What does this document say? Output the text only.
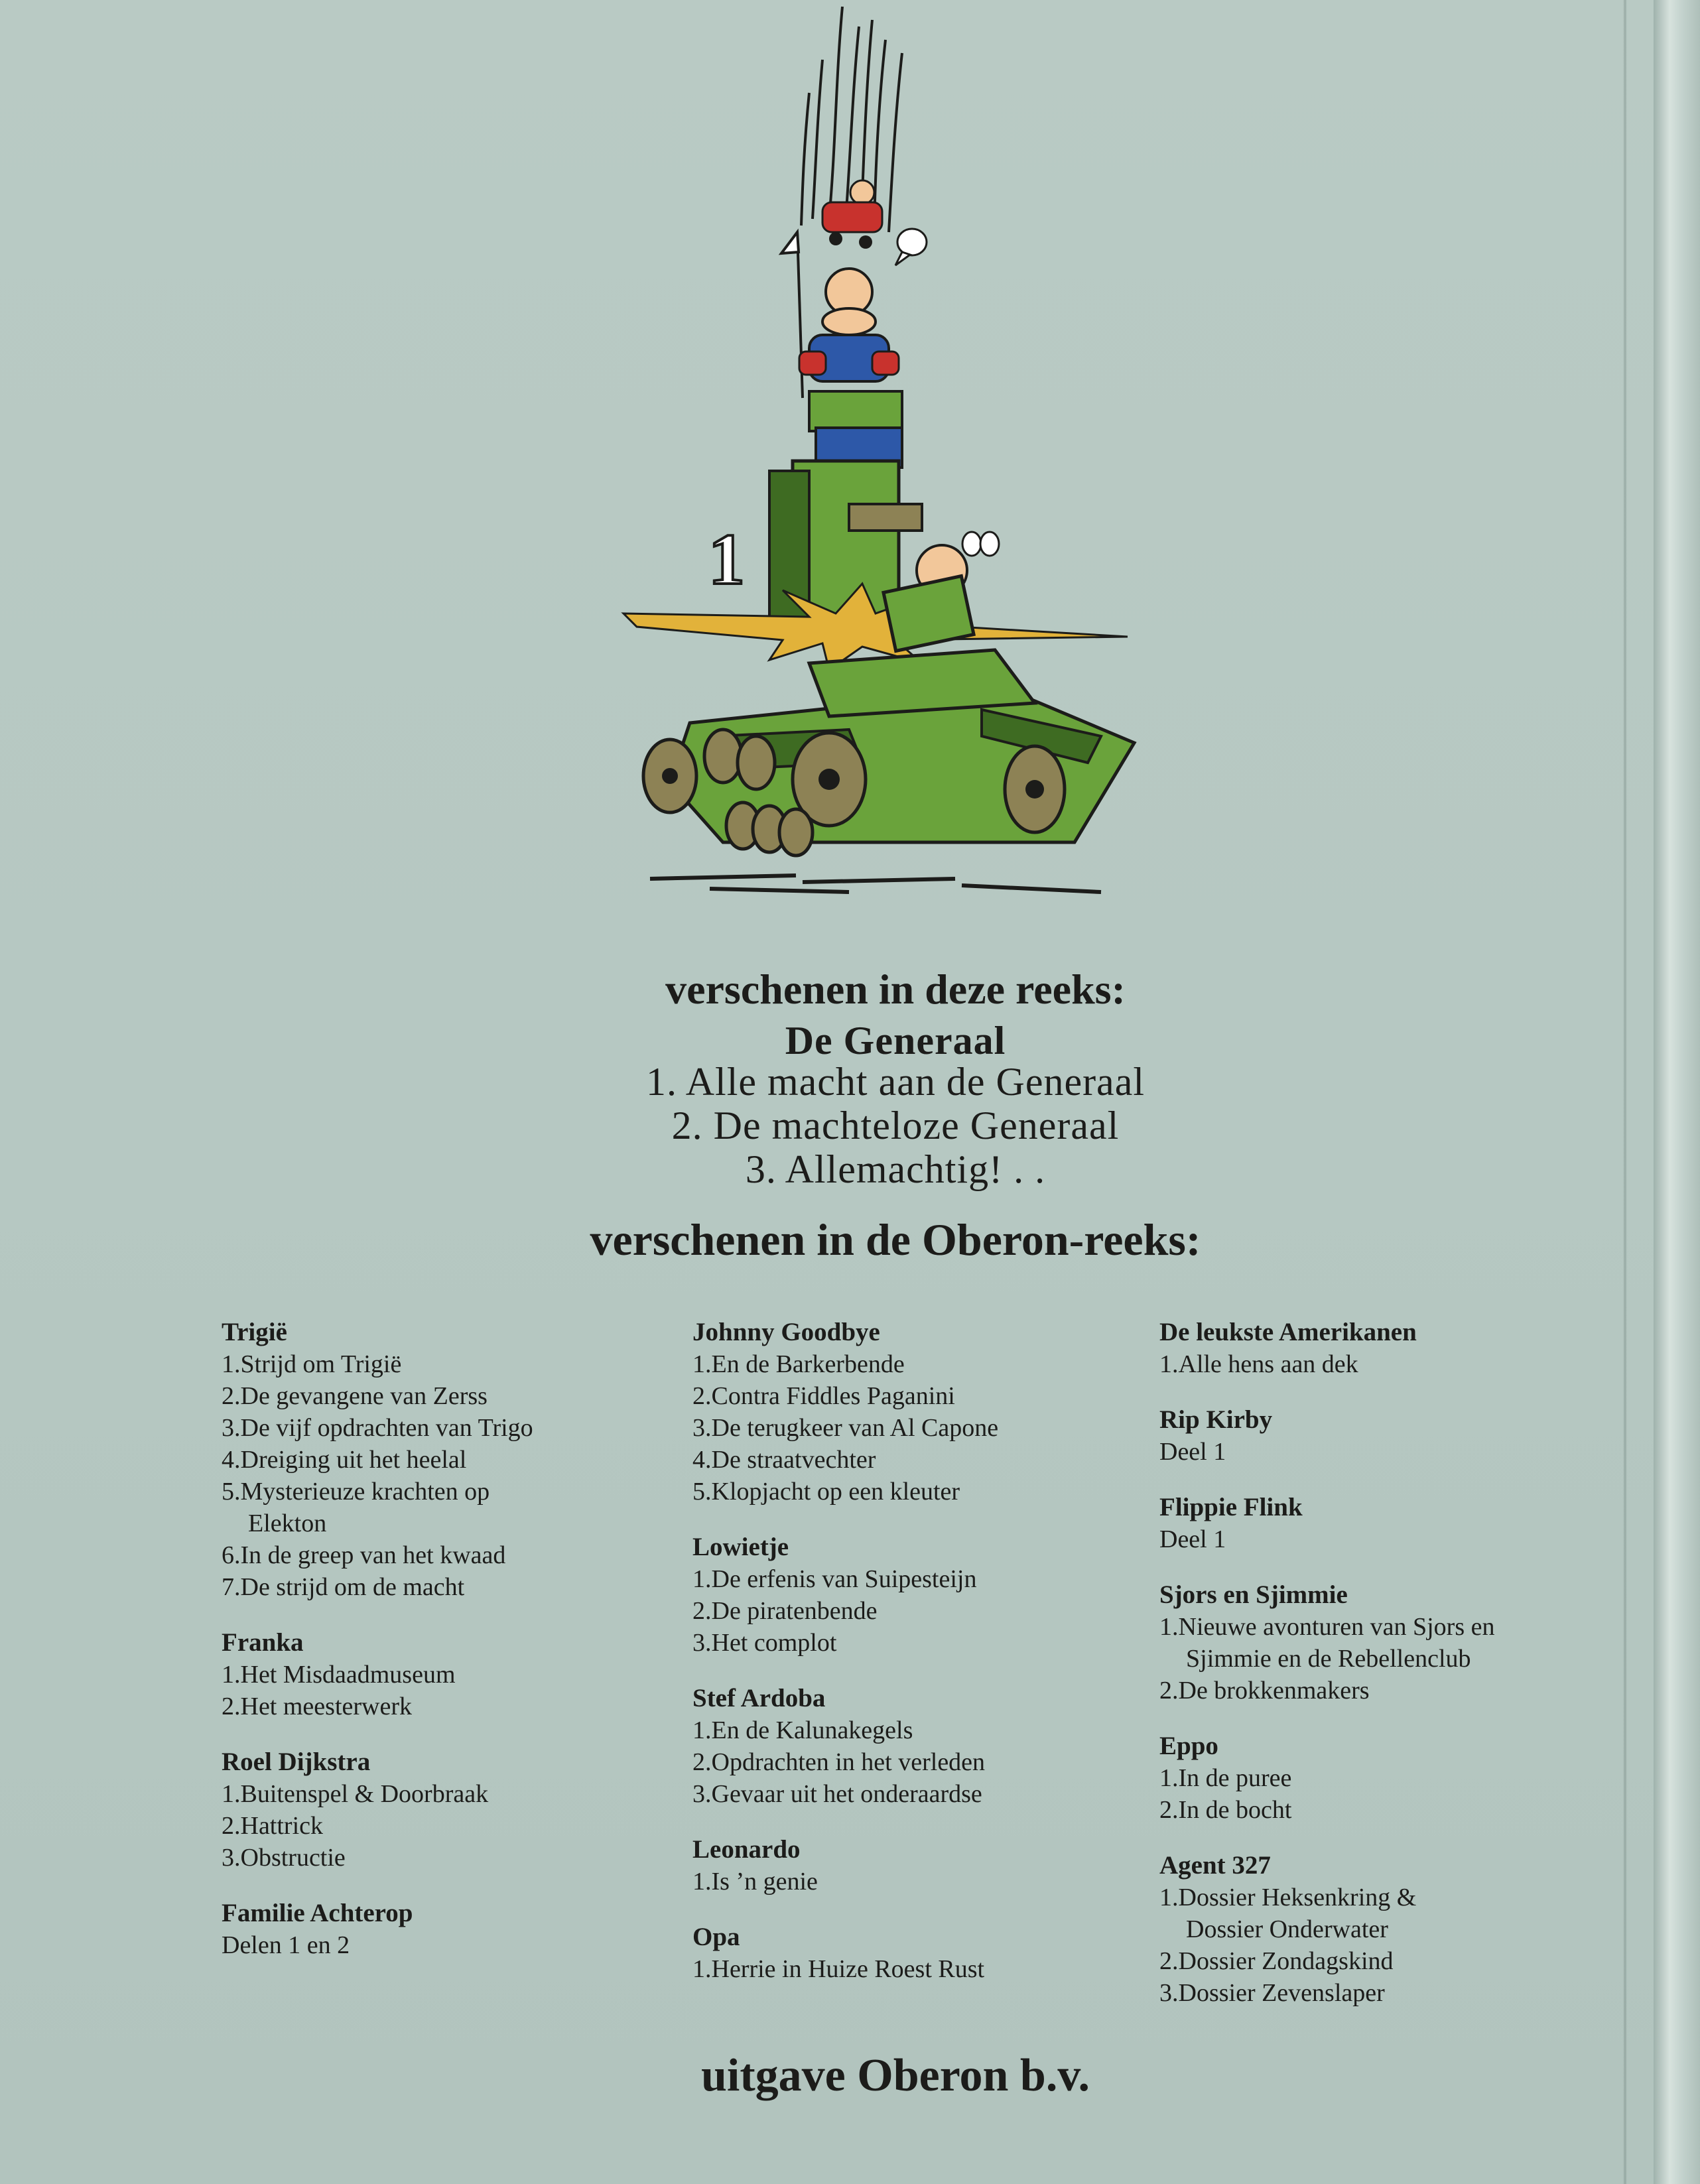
1
verschenen in deze reeks:
De Generaal
1. Alle macht aan de Generaal
2. De machteloze Generaal
3. Allemachtig! . .
verschenen in de Oberon-reeks:
Trigië
1.Strijd om Trigië
2.De gevangene van Zerss
3.De vijf opdrachten van Trigo
4.Dreiging uit het heelal
5.Mysterieuze krachten op
Elekton
6.In de greep van het kwaad
7.De strijd om de macht
Franka
1.Het Misdaadmuseum
2.Het meesterwerk
Roel Dijkstra
1.Buitenspel & Doorbraak
2.Hattrick
3.Obstructie
Familie Achterop
Delen 1 en 2
Johnny Goodbye
1.En de Barkerbende
2.Contra Fiddles Paganini
3.De terugkeer van Al Capone
4.De straatvechter
5.Klopjacht op een kleuter
Lowietje
1.De erfenis van Suipesteijn
2.De piratenbende
3.Het complot
Stef Ardoba
1.En de Kalunakegels
2.Opdrachten in het verleden
3.Gevaar uit het onderaardse
Leonardo
1.Is ’n genie
Opa
1.Herrie in Huize Roest Rust
De leukste Amerikanen
1.Alle hens aan dek
Rip Kirby
Deel 1
Flippie Flink
Deel 1
Sjors en Sjimmie
1.Nieuwe avonturen van Sjors en
Sjimmie en de Rebellenclub
2.De brokkenmakers
Eppo
1.In de puree
2.In de bocht
Agent 327
1.Dossier Heksenkring &
Dossier Onderwater
2.Dossier Zondagskind
3.Dossier Zevenslaper
uitgave Oberon b.v.
